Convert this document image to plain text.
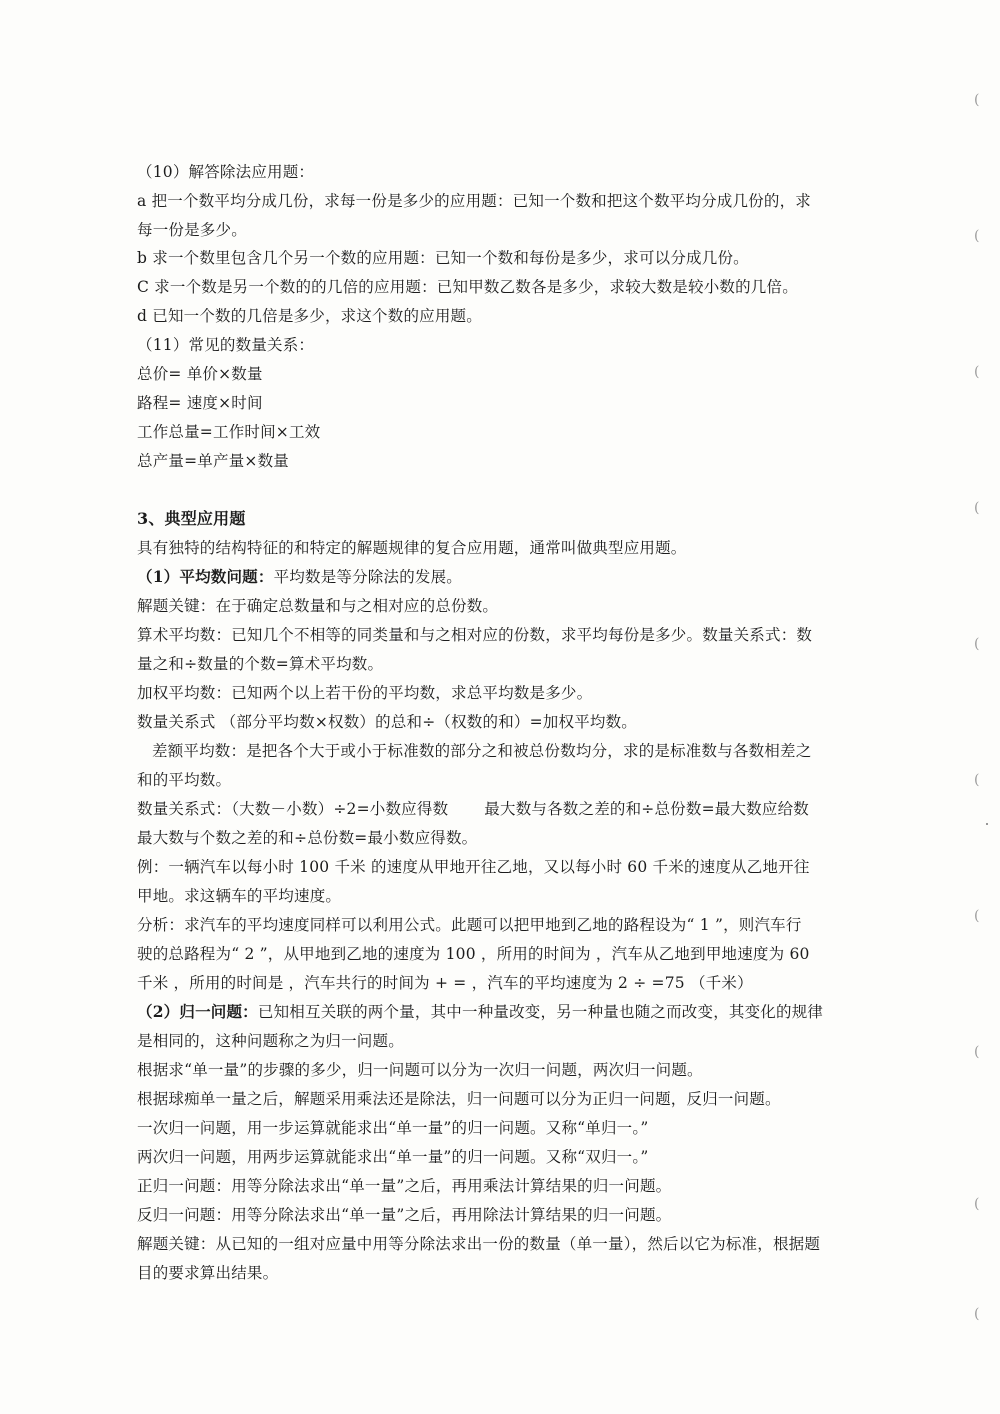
（10）解答除法应用题：
a 把一个数平均分成几份，求每一份是多少的应用题：已知一个数和把这个数平均分成几份的，求
每一份是多少。
b 求一个数里包含几个另一个数的应用题：已知一个数和每份是多少，求可以分成几份。
C 求一个数是另一个数的的几倍的应用题：已知甲数乙数各是多少，求较大数是较小数的几倍。
d 已知一个数的几倍是多少，求这个数的应用题。
（11）常见的数量关系：
总价= 单价×数量
路程= 速度×时间
工作总量=工作时间×工效
总产量=单产量×数量
3、典型应用题
具有独特的结构特征的和特定的解题规律的复合应用题，通常叫做典型应用题。
（1）平均数问题：平均数是等分除法的发展。
解题关键：在于确定总数量和与之相对应的总份数。
算术平均数：已知几个不相等的同类量和与之相对应的份数，求平均每份是多少。数量关系式：数
量之和÷数量的个数=算术平均数。
加权平均数：已知两个以上若干份的平均数，求总平均数是多少。
数量关系式 （部分平均数×权数）的总和÷（权数的和）=加权平均数。
差额平均数：是把各个大于或小于标准数的部分之和被总份数均分，求的是标准数与各数相差之
和的平均数。
数量关系式：（大数－小数）÷2=小数应得数 最大数与各数之差的和÷总份数=最大数应给数
最大数与个数之差的和÷总份数=最小数应得数。
例：一辆汽车以每小时 100 千米 的速度从甲地开往乙地，又以每小时 60 千米的速度从乙地开往
甲地。求这辆车的平均速度。
分析：求汽车的平均速度同样可以利用公式。此题可以把甲地到乙地的路程设为“ 1 ”，则汽车行
驶的总路程为“ 2 ”，从甲地到乙地的速度为 100 ，所用的时间为 ，汽车从乙地到甲地速度为 60
千米 ，所用的时间是 ，汽车共行的时间为 + = ，汽车的平均速度为 2 ÷ =75 （千米）
（2）归一问题：已知相互关联的两个量，其中一种量改变，另一种量也随之而改变，其变化的规律
是相同的，这种问题称之为归一问题。
根据求“单一量”的步骤的多少，归一问题可以分为一次归一问题，两次归一问题。
根据球痴单一量之后，解题采用乘法还是除法，归一问题可以分为正归一问题，反归一问题。
一次归一问题，用一步运算就能求出“单一量”的归一问题。又称“单归一。”
两次归一问题，用两步运算就能求出“单一量”的归一问题。又称“双归一。”
正归一问题：用等分除法求出“单一量”之后，再用乘法计算结果的归一问题。
反归一问题：用等分除法求出“单一量”之后，再用除法计算结果的归一问题。
解题关键：从已知的一组对应量中用等分除法求出一份的数量（单一量），然后以它为标准，根据题
目的要求算出结果。
(
(
(
(
(
(
(
(
(
(
